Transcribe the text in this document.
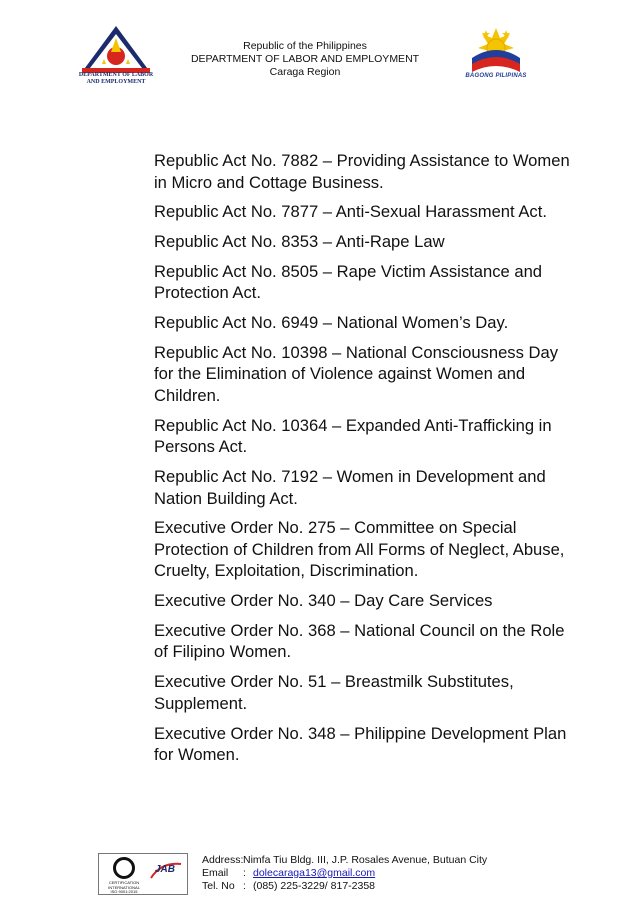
DEPARTMENT OF LABOR
AND EMPLOYMENT
Republic of the Philippines
DEPARTMENT OF LABOR AND EMPLOYMENT
Caraga Region	BAGONG PILIPINAS

Republic Act No. 7882 – Providing Assistance to Women in Micro and Cottage Business.

Republic Act No. 7877 – Anti-Sexual Harassment Act.

Republic Act No. 8353 – Anti-Rape Law

Republic Act No. 8505 – Rape Victim Assistance and Protection Act.

Republic Act No. 6949 – National Women’s Day.

Republic Act No. 10398 – National Consciousness Day for the Elimination of Violence against Women and Children.

Republic Act No. 10364 – Expanded Anti-Trafficking in Persons Act.

Republic Act No. 7192 – Women in Development and Nation Building Act.

Executive Order No. 275 – Committee on Special Protection of Children from All Forms of Neglect, Abuse, Cruelty, Exploitation, Discrimination.

Executive Order No. 340 – Day Care Services

Executive Order No. 368 – National Council on the Role of Filipino Women.

Executive Order No. 51 – Breastmilk Substitutes, Supplement.

Executive Order No. 348 – Philippine Development Plan for Women.

CERTIFICATION
INTERNATIONAL
ISO 9001:2015
JAB
Address: Nimfa Tiu Bldg. III, J.P. Rosales Avenue, Butuan City
Email	: dolecaraga13@gmail.com
Tel. No : (085) 225-3229/ 817-2358
